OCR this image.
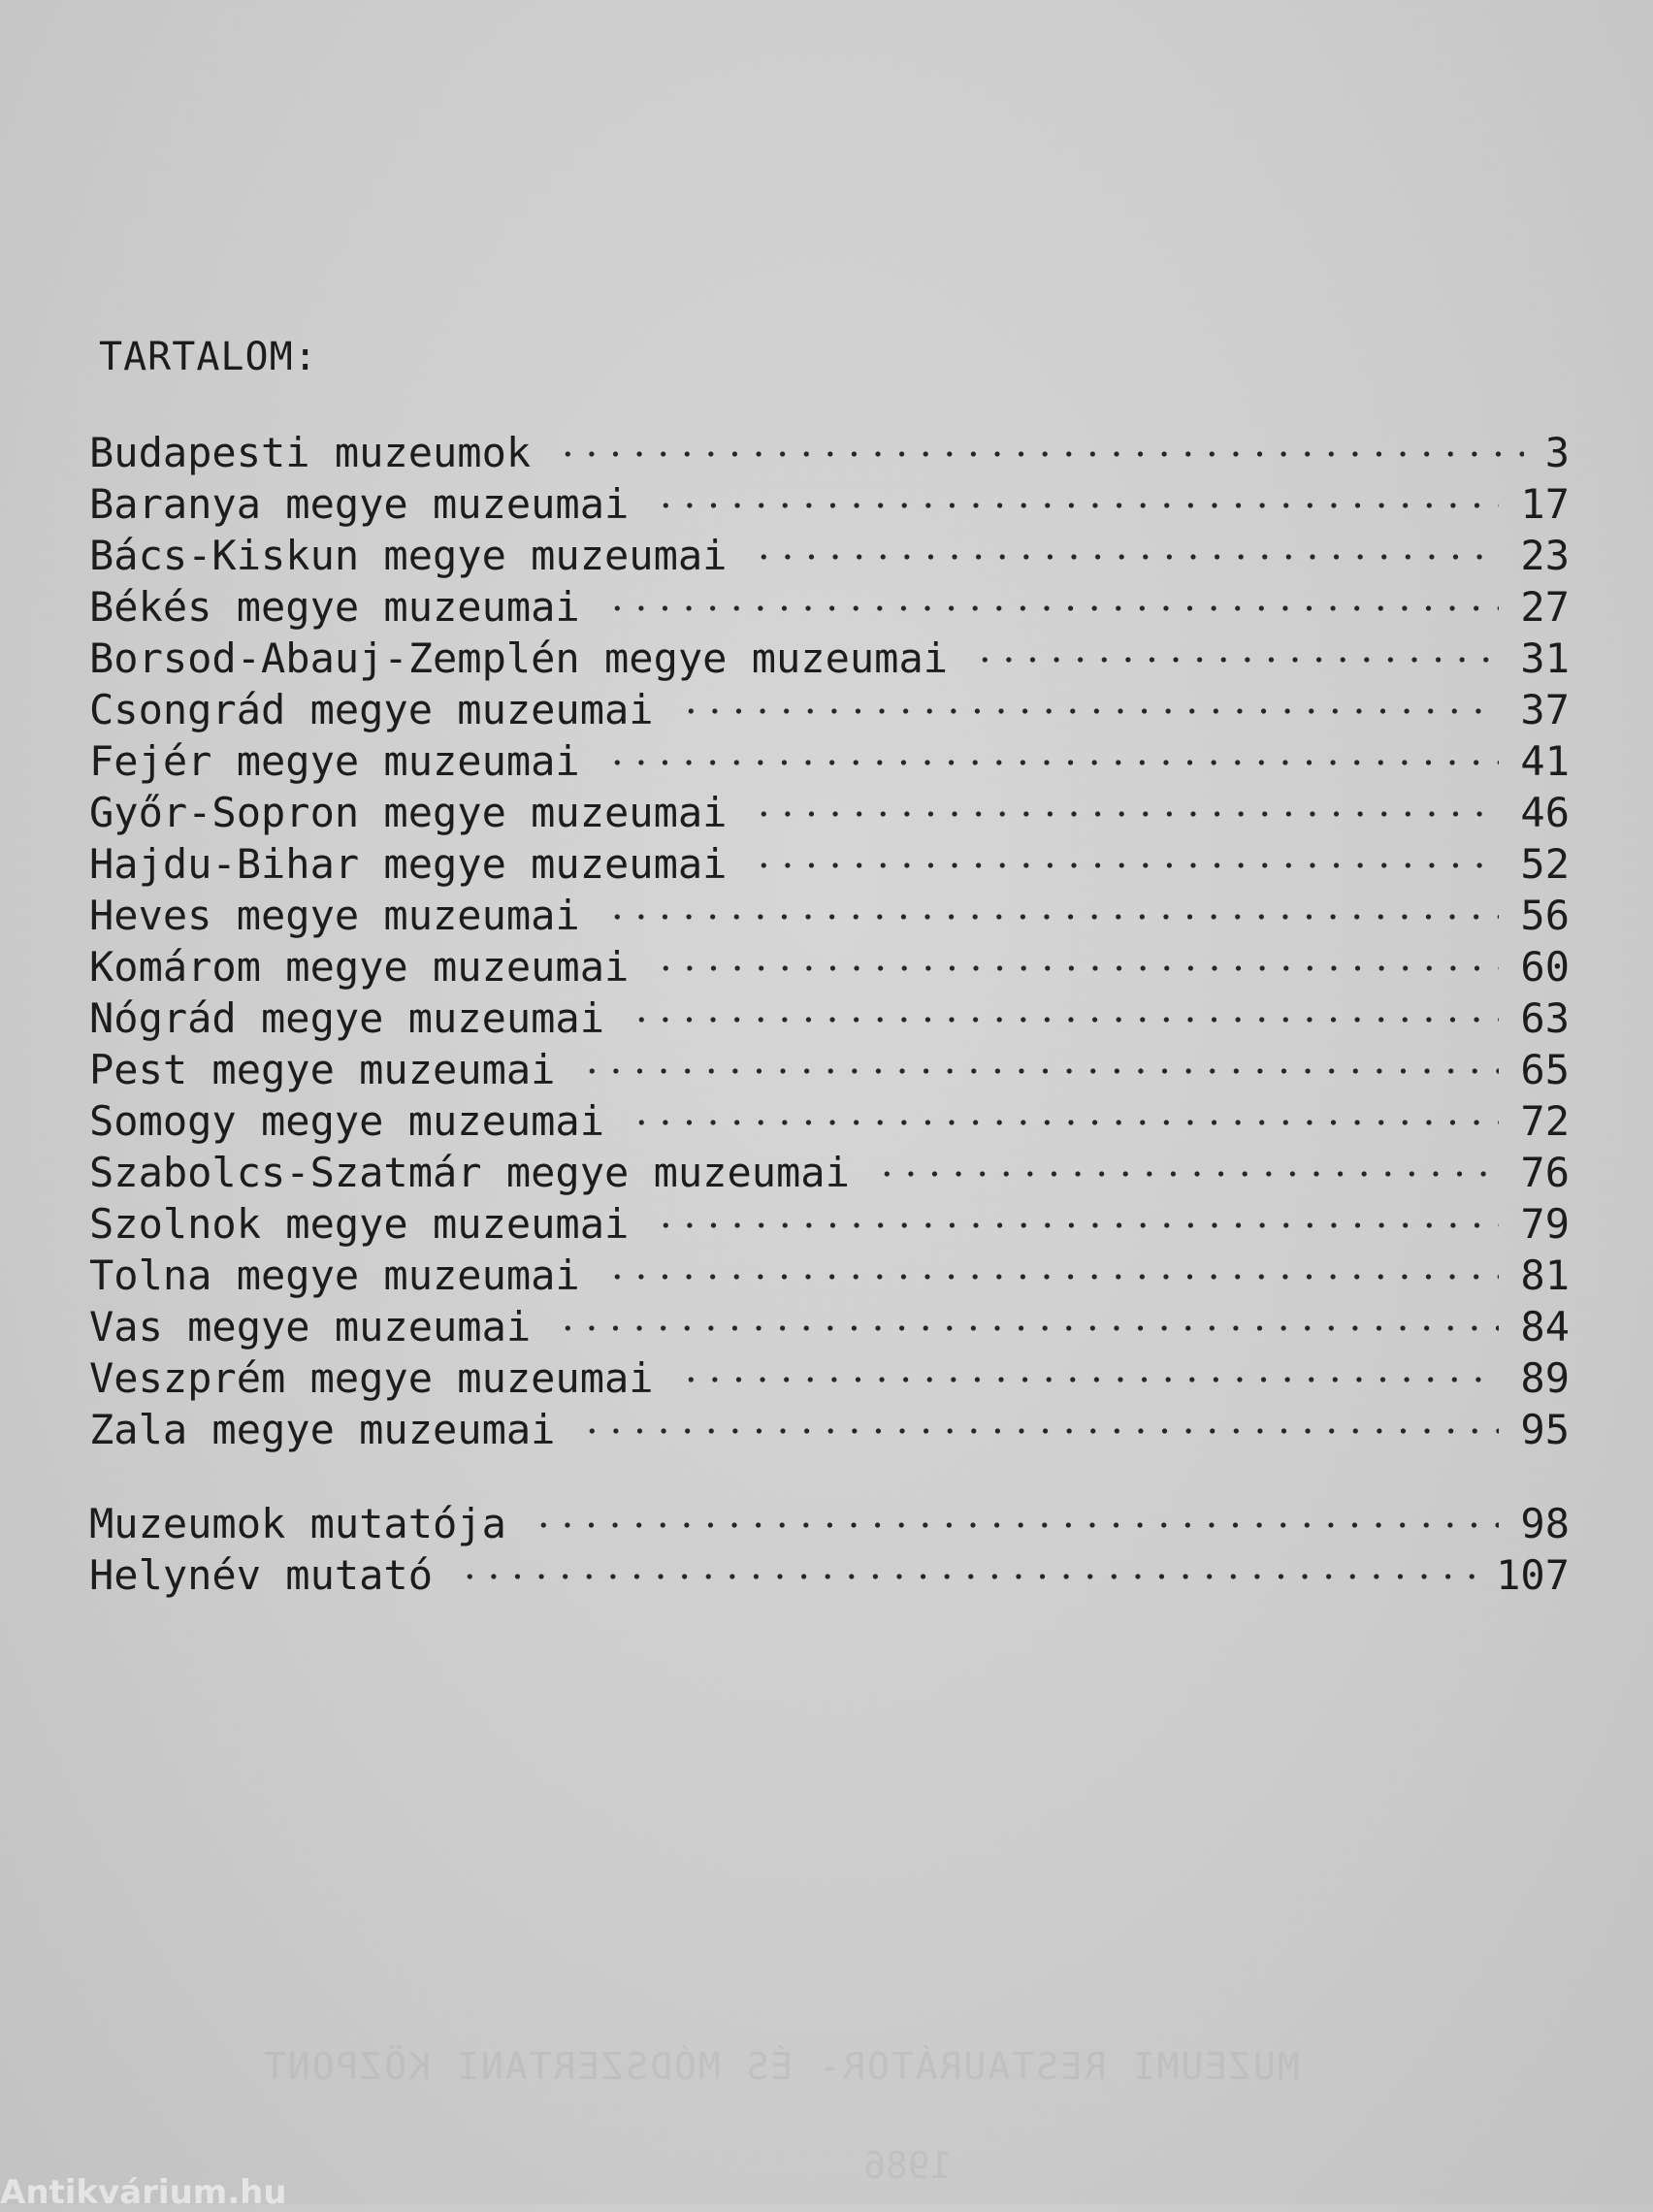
TARTALOM:
Budapesti muzeumok	3
Baranya megye muzeumai	17
Bács-Kiskun megye muzeumai	23
Békés megye muzeumai	27
Borsod-Abauj-Zemplén megye muzeumai	31
Csongrád megye muzeumai	37
Fejér megye muzeumai	41
Győr-Sopron megye muzeumai	46
Hajdu-Bihar megye muzeumai	52
Heves megye muzeumai	56
Komárom megye muzeumai	60
Nógrád megye muzeumai	63
Pest megye muzeumai	65
Somogy megye muzeumai	72
Szabolcs-Szatmár megye muzeumai	76
Szolnok megye muzeumai	79
Tolna megye muzeumai	81
Vas megye muzeumai	84
Veszprém megye muzeumai	89
Zala megye muzeumai	95
Muzeumok mutatója	98
Helynév mutató	107
MUZEUMI RESTAURÁTOR- ÉS MÓDSZERTANI KÖZPONT
1986
Antikvárium.hu
